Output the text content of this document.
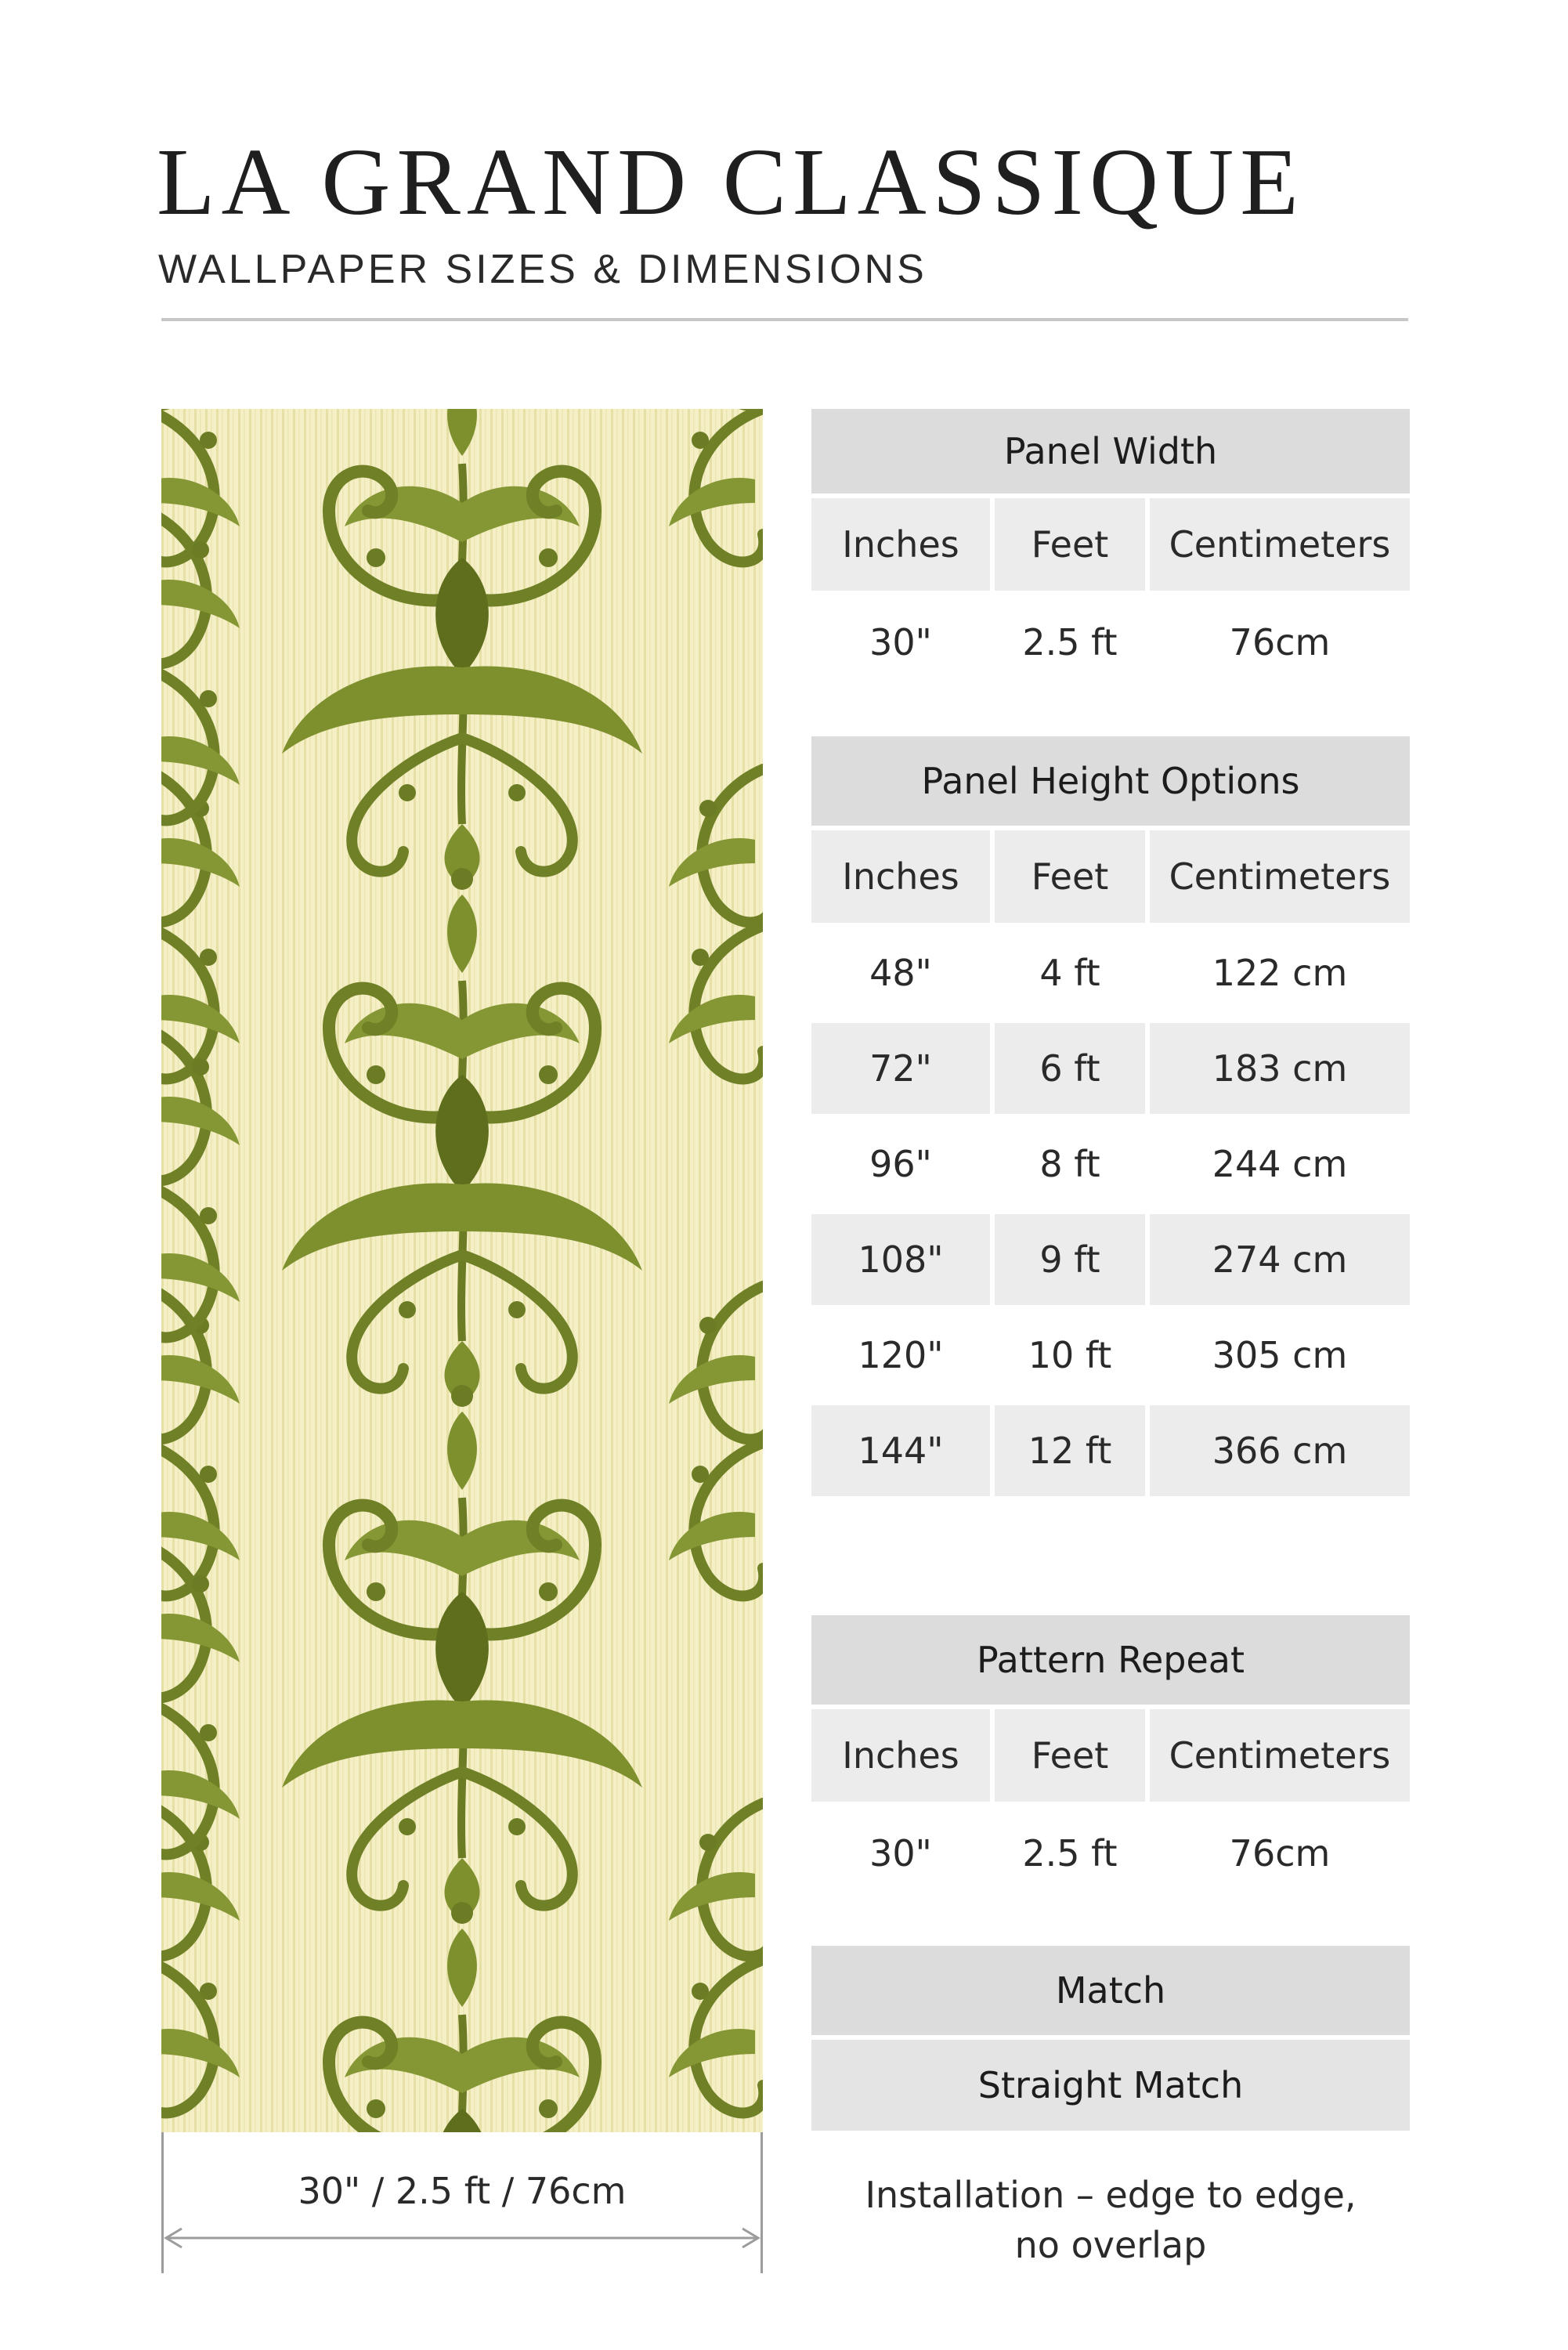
LA GRAND CLASSIQUE
WALLPAPER SIZES & DIMENSIONS
30" / 2.5 ft / 76cm
Panel Width
Inches	Feet	Centimeters
30"	2.5 ft	76cm
Panel Height Options
Inches	Feet	Centimeters
48"	4 ft	122 cm
72"	6 ft	183 cm
96"	8 ft	244 cm
108"	9 ft	274 cm
120"	10 ft	305 cm
144"	12 ft	366 cm
Pattern Repeat
Inches	Feet	Centimeters
30"	2.5 ft	76cm
Match
Straight Match
Installation – edge to edge,
no overlap
